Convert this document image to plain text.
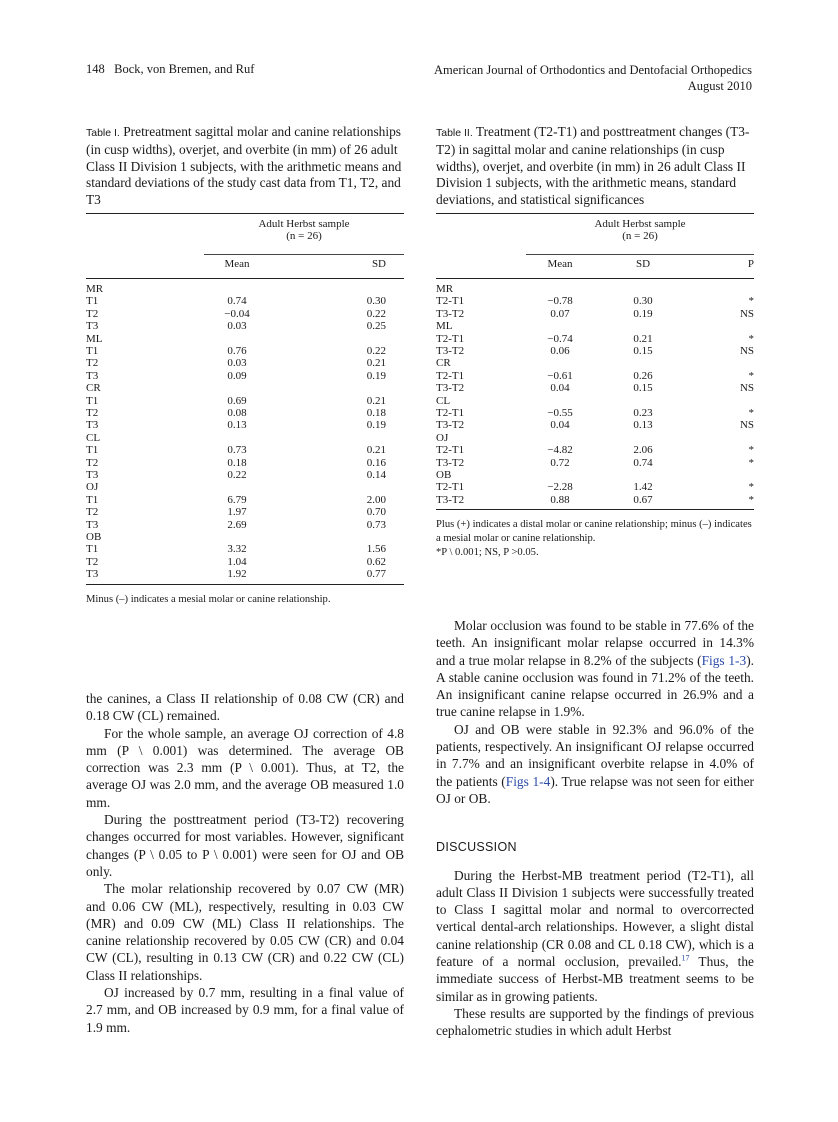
148 Bock, von Bremen, and Ruf	American Journal of Orthodontics and Dentofacial Orthopedics
August 2010
Table I. Pretreatment sagittal molar and canine relationships (in cusp widths), overjet, and overbite (in mm) of 26 adult Class II Division 1 subjects, with the arithmetic means and standard deviations of the study cast data from T1, T2, and T3

	Adult Herbst sample	
	(n = 26)	

	Mean	SD

MR		
T1	0.74	0.30
T2	−0.04	0.22
T3	0.03	0.25
ML		
T1	0.76	0.22
T2	0.03	0.21
T3	0.09	0.19
CR		
T1	0.69	0.21
T2	0.08	0.18
T3	0.13	0.19
CL		
T1	0.73	0.21
T2	0.18	0.16
T3	0.22	0.14
OJ		
T1	6.79	2.00
T2	1.97	0.70
T3	2.69	0.73
OB		
T1	3.32	1.56
T2	1.04	0.62
T3	1.92	0.77

Minus (–) indicates a mesial molar or canine relationship.

the canines, a Class II relationship of 0.08 CW (CR) and 0.18 CW (CL) remained.

For the whole sample, an average OJ correction of 4.8 mm (P \ 0.001) was determined. The average OB correction was 2.3 mm (P \ 0.001). Thus, at T2, the average OJ was 2.0 mm, and the average OB measured 1.0 mm.

During the posttreatment period (T3-T2) recovering changes occurred for most variables. However, significant changes (P \ 0.05 to P \ 0.001) were seen for OJ and OB only.

The molar relationship recovered by 0.07 CW (MR) and 0.06 CW (ML), respectively, resulting in 0.03 CW (MR) and 0.09 CW (ML) Class II relationships. The canine relationship recovered by 0.05 CW (CR) and 0.04 CW (CL), resulting in 0.13 CW (CR) and 0.22 CW (CL) Class II relationships.

OJ increased by 0.7 mm, resulting in a final value of 2.7 mm, and OB increased by 0.9 mm, for a final value of 1.9 mm.

Table II. Treatment (T2-T1) and posttreatment changes (T3-T2) in sagittal molar and canine relationships (in cusp widths), overjet, and overbite (in mm) in 26 adult Class II Division 1 subjects, with the arithmetic means, standard deviations, and statistical significances

	Adult Herbst sample		
	(n = 26)		

	Mean	SD	P

MR			
T2-T1	−0.78	0.30	*
T3-T2	0.07	0.19	NS
ML			
T2-T1	−0.74	0.21	*
T3-T2	0.06	0.15	NS
CR			
T2-T1	−0.61	0.26	*
T3-T2	0.04	0.15	NS
CL			
T2-T1	−0.55	0.23	*
T3-T2	0.04	0.13	NS
OJ			
T2-T1	−4.82	2.06	*
T3-T2	0.72	0.74	*
OB			
T2-T1	−2.28	1.42	*
T3-T2	0.88	0.67	*

Plus (+) indicates a distal molar or canine relationship; minus (–) indicates a mesial molar or canine relationship.
*P \ 0.001; NS, P >0.05.

Molar occlusion was found to be stable in 77.6% of the teeth. An insignificant molar relapse occurred in 14.3% and a true molar relapse in 8.2% of the subjects (Figs 1-3). A stable canine occlusion was found in 71.2% of the teeth. An insignificant canine relapse occurred in 26.9% and a true canine relapse in 1.9%.

OJ and OB were stable in 92.3% and 96.0% of the patients, respectively. An insignificant OJ relapse occurred in 7.7% and an insignificant overbite relapse in 4.0% of the patients (Figs 1-4). True relapse was not seen for either OJ or OB.

DISCUSSION

During the Herbst-MB treatment period (T2-T1), all adult Class II Division 1 subjects were successfully treated to Class I sagittal molar and normal to overcorrected vertical dental-arch relationships. However, a slight distal canine relationship (CR 0.08 and CL 0.18 CW), which is a feature of a normal occlusion, prevailed.$^{17}$ Thus, the immediate success of Herbst-MB treatment seems to be similar as in growing patients.

These results are supported by the findings of previous cephalometric studies in which adult Herbst
